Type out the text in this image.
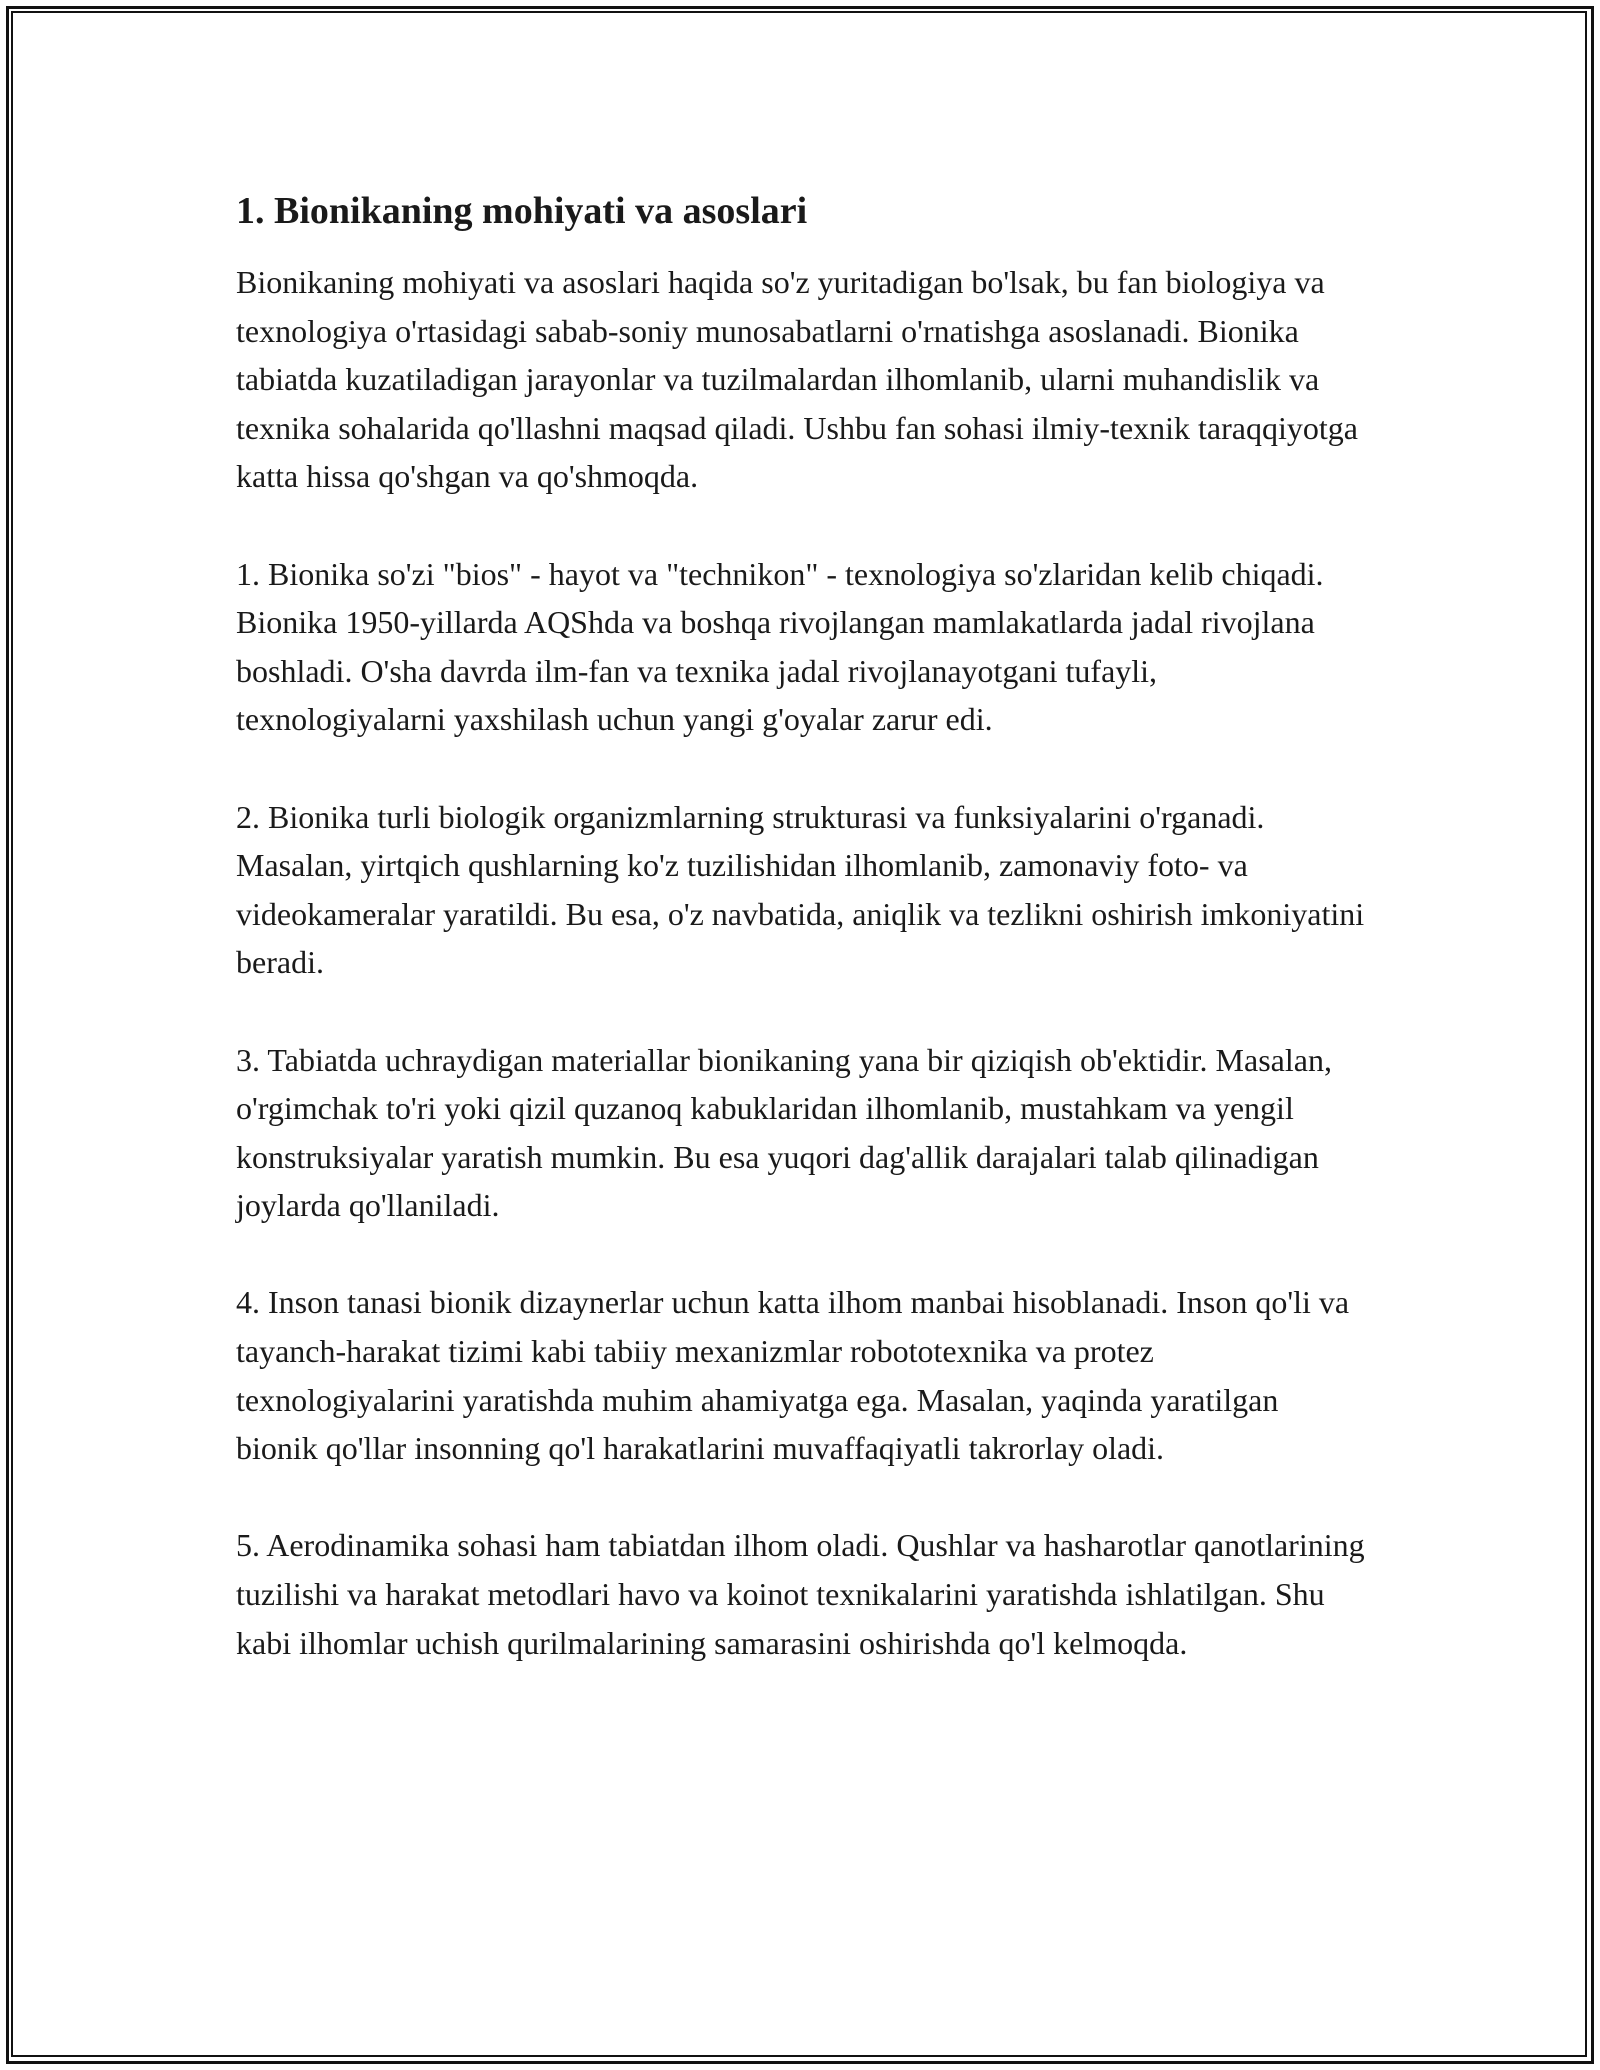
1. Bionikaning mohiyati va asoslari

Bionikaning mohiyati va asoslari haqida so'z yuritadigan bo'lsak, bu fan biologiya va texnologiya o'rtasidagi sabab-soniy munosabatlarni o'rnatishga asoslanadi. Bionika tabiatda kuzatiladigan jarayonlar va tuzilmalardan ilhomlanib, ularni muhandislik va texnika sohalarida qo'llashni maqsad qiladi. Ushbu fan sohasi ilmiy-texnik taraqqiyotga katta hissa qo'shgan va qo'shmoqda.

1. Bionika so'zi "bios" - hayot va "technikon" - texnologiya so'zlaridan kelib chiqadi. Bionika 1950-yillarda AQShda va boshqa rivojlangan mamlakatlarda jadal rivojlana boshladi. O'sha davrda ilm-fan va texnika jadal rivojlanayotgani tufayli, texnologiyalarni yaxshilash uchun yangi g'oyalar zarur edi.

2. Bionika turli biologik organizmlarning strukturasi va funksiyalarini o'rganadi. Masalan, yirtqich qushlarning ko'z tuzilishidan ilhomlanib, zamonaviy foto- va videokameralar yaratildi. Bu esa, o'z navbatida, aniqlik va tezlikni oshirish imkoniyatini beradi.

3. Tabiatda uchraydigan materiallar bionikaning yana bir qiziqish ob'ektidir. Masalan, o'rgimchak to'ri yoki qizil quzanoq kabuklaridan ilhomlanib, mustahkam va yengil konstruksiyalar yaratish mumkin. Bu esa yuqori dag'allik darajalari talab qilinadigan joylarda qo'llaniladi.

4. Inson tanasi bionik dizaynerlar uchun katta ilhom manbai hisoblanadi. Inson qo'li va tayanch-harakat tizimi kabi tabiiy mexanizmlar robototexnika va protez texnologiyalarini yaratishda muhim ahamiyatga ega. Masalan, yaqinda yaratilgan bionik qo'llar insonning qo'l harakatlarini muvaffaqiyatli takrorlay oladi.

5. Aerodinamika sohasi ham tabiatdan ilhom oladi. Qushlar va hasharotlar qanotlarining tuzilishi va harakat metodlari havo va koinot texnikalarini yaratishda ishlatilgan. Shu kabi ilhomlar uchish qurilmalarining samarasini oshirishda qo'l kelmoqda.
